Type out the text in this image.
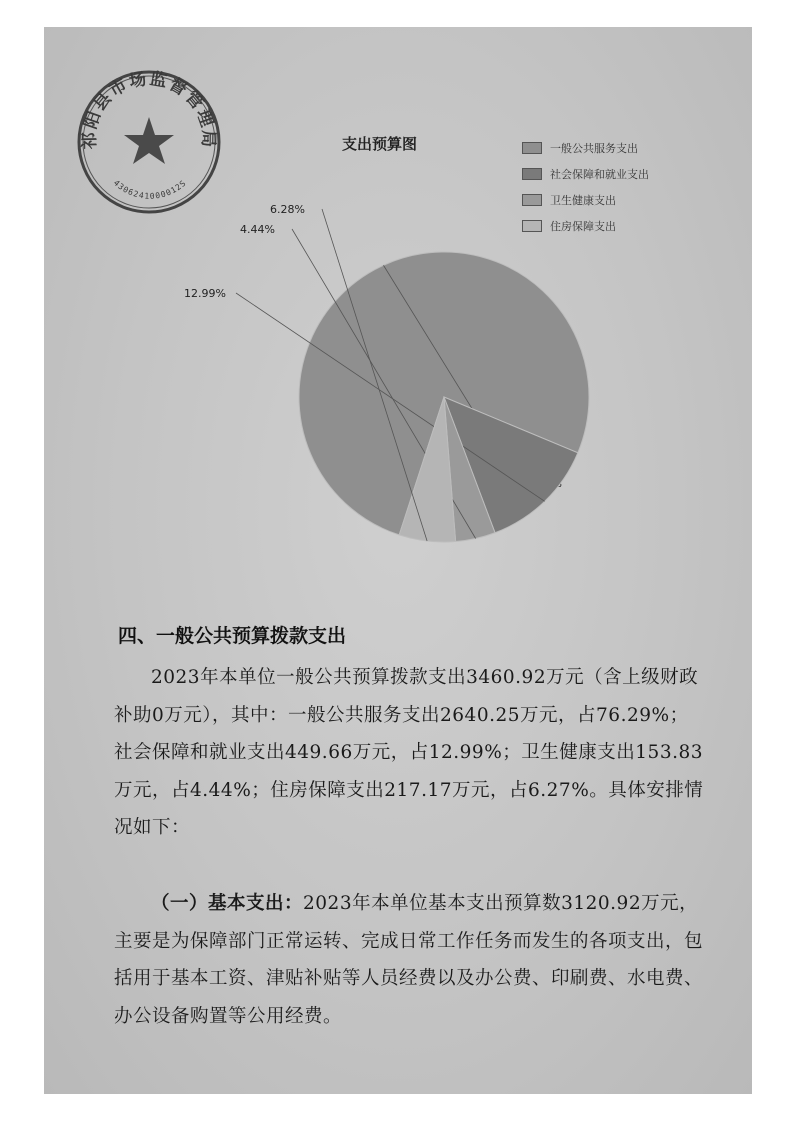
祁阳县市场监督管理局
4306241000012S
支出预算图	一般公共服务支出
社会保障和就业支出
卫生健康支出
住房保障支出
12.99%
4.44%
6.28%
四、一般公共预算拨款支出

2023年本单位一般公共预算拨款支出3460.92万元（含上级财政补助0万元），其中：一般公共服务支出2640.25万元，占76.29%；社会保障和就业支出449.66万元，占12.99%；卫生健康支出153.83万元，占4.44%；住房保障支出217.17万元，占6.27%。具体安排情况如下：

（一）基本支出：2023年本单位基本支出预算数3120.92万元，主要是为保障部门正常运转、完成日常工作任务而发生的各项支出，包括用于基本工资、津贴补贴等人员经费以及办公费、印刷费、水电费、办公设备购置等公用经费。
